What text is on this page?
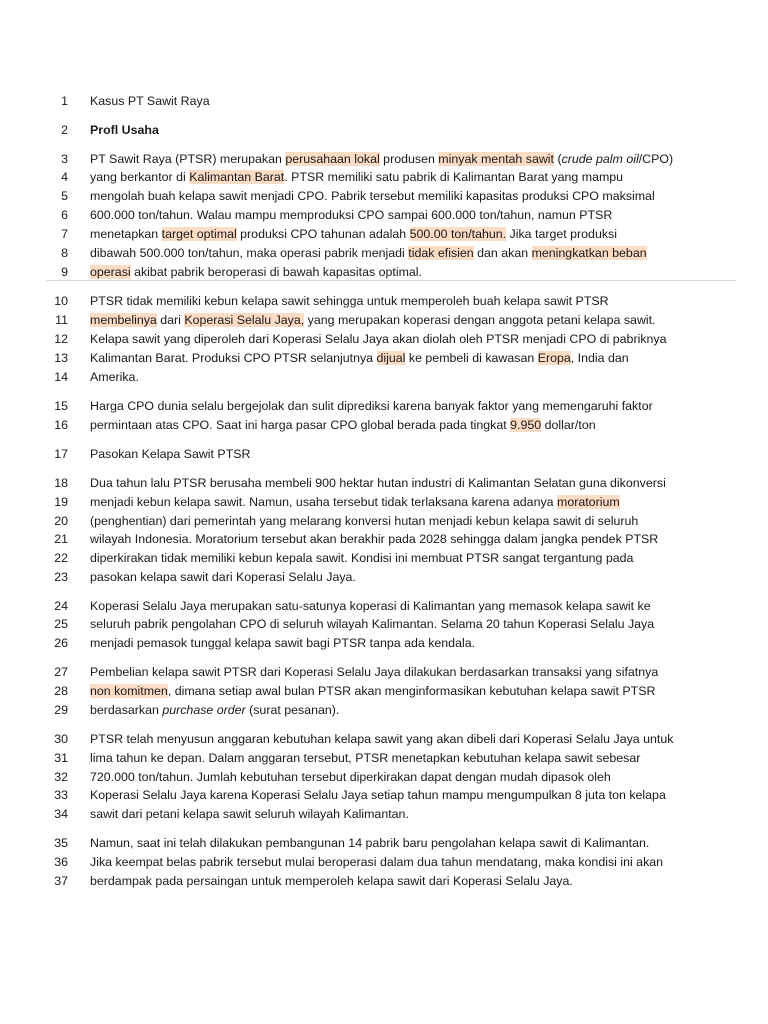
1 Kasus PT Sawit Raya
2 Profl Usaha
3 PT Sawit Raya (PTSR) merupakan perusahaan lokal produsen minyak mentah sawit (crude palm oil/CPO)
4 yang berkantor di Kalimantan Barat. PTSR memiliki satu pabrik di Kalimantan Barat yang mampu
5 mengolah buah kelapa sawit menjadi CPO. Pabrik tersebut memiliki kapasitas produksi CPO maksimal
6 600.000 ton/tahun. Walau mampu memproduksi CPO sampai 600.000 ton/tahun, namun PTSR
7 menetapkan target optimal produksi CPO tahunan adalah 500.00 ton/tahun. Jika target produksi
8 dibawah 500.000 ton/tahun, maka operasi pabrik menjadi tidak efisien dan akan meningkatkan beban
9 operasi akibat pabrik beroperasi di bawah kapasitas optimal.
10 PTSR tidak memiliki kebun kelapa sawit sehingga untuk memperoleh buah kelapa sawit PTSR
11 membelinya dari Koperasi Selalu Jaya, yang merupakan koperasi dengan anggota petani kelapa sawit.
12 Kelapa sawit yang diperoleh dari Koperasi Selalu Jaya akan diolah oleh PTSR menjadi CPO di pabriknya
13 Kalimantan Barat. Produksi CPO PTSR selanjutnya dijual ke pembeli di kawasan Eropa, India dan
14 Amerika.
15 Harga CPO dunia selalu bergejolak dan sulit diprediksi karena banyak faktor yang memengaruhi faktor
16 permintaan atas CPO. Saat ini harga pasar CPO global berada pada tingkat 9.950 dollar/ton
17 Pasokan Kelapa Sawit PTSR
18 Dua tahun lalu PTSR berusaha membeli 900 hektar hutan industri di Kalimantan Selatan guna dikonversi
19 menjadi kebun kelapa sawit. Namun, usaha tersebut tidak terlaksana karena adanya moratorium
20 (penghentian) dari pemerintah yang melarang konversi hutan menjadi kebun kelapa sawit di seluruh
21 wilayah Indonesia. Moratorium tersebut akan berakhir pada 2028 sehingga dalam jangka pendek PTSR
22 diperkirakan tidak memiliki kebun kepala sawit. Kondisi ini membuat PTSR sangat tergantung pada
23 pasokan kelapa sawit dari Koperasi Selalu Jaya.
24 Koperasi Selalu Jaya merupakan satu-satunya koperasi di Kalimantan yang memasok kelapa sawit ke
25 seluruh pabrik pengolahan CPO di seluruh wilayah Kalimantan. Selama 20 tahun Koperasi Selalu Jaya
26 menjadi pemasok tunggal kelapa sawit bagi PTSR tanpa ada kendala.
27 Pembelian kelapa sawit PTSR dari Koperasi Selalu Jaya dilakukan berdasarkan transaksi yang sifatnya
28 non komitmen, dimana setiap awal bulan PTSR akan menginformasikan kebutuhan kelapa sawit PTSR
29 berdasarkan purchase order (surat pesanan).
30 PTSR telah menyusun anggaran kebutuhan kelapa sawit yang akan dibeli dari Koperasi Selalu Jaya untuk
31 lima tahun ke depan. Dalam anggaran tersebut, PTSR menetapkan kebutuhan kelapa sawit sebesar
32 720.000 ton/tahun. Jumlah kebutuhan tersebut diperkirakan dapat dengan mudah dipasok oleh
33 Koperasi Selalu Jaya karena Koperasi Selalu Jaya setiap tahun mampu mengumpulkan 8 juta ton kelapa
34 sawit dari petani kelapa sawit seluruh wilayah Kalimantan.
35 Namun, saat ini telah dilakukan pembangunan 14 pabrik baru pengolahan kelapa sawit di Kalimantan.
36 Jika keempat belas pabrik tersebut mulai beroperasi dalam dua tahun mendatang, maka kondisi ini akan
37 berdampak pada persaingan untuk memperoleh kelapa sawit dari Koperasi Selalu Jaya.
